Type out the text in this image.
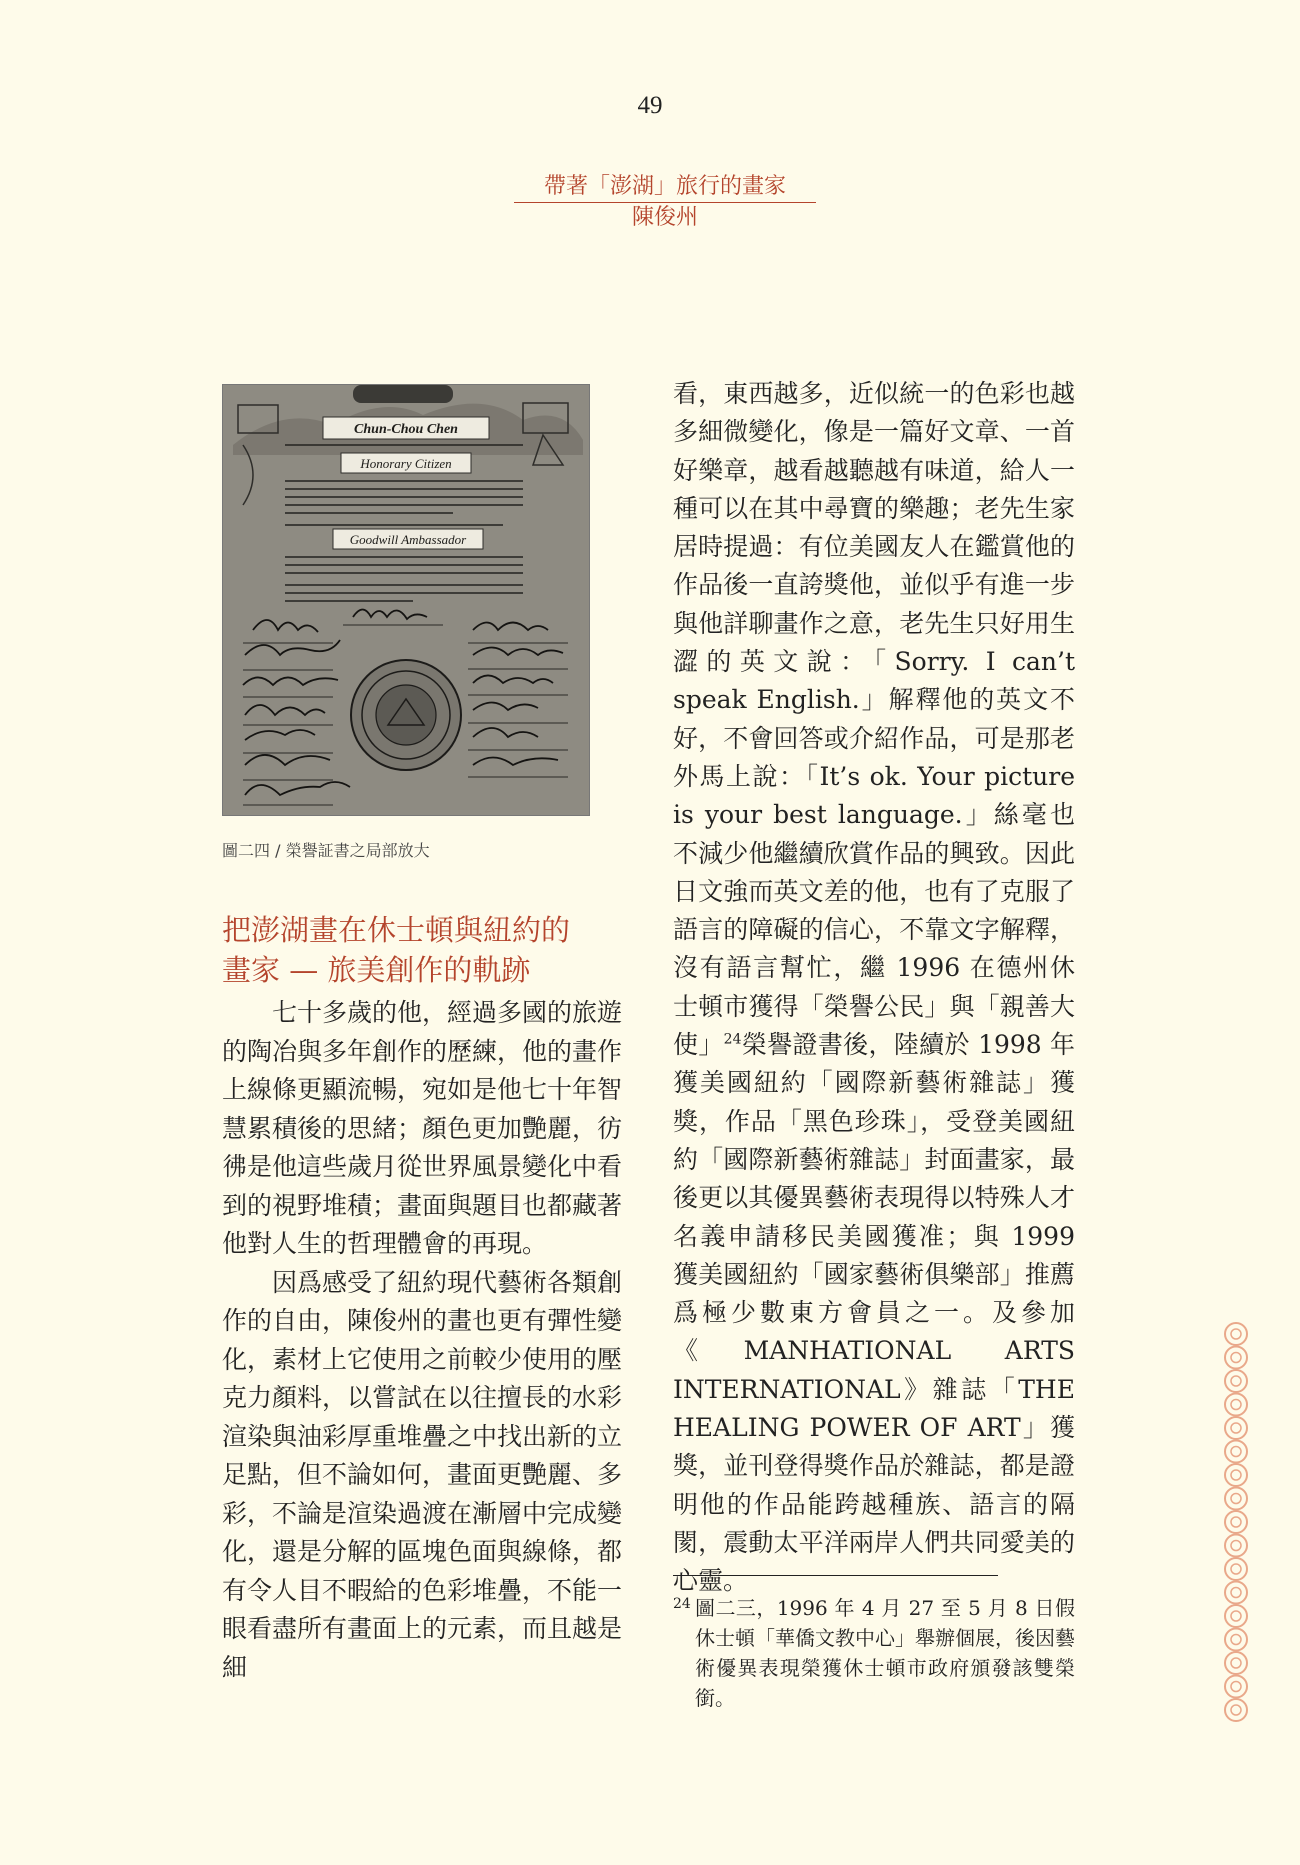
49
帶著「澎湖」旅行的畫家
陳俊州
Chun-Chou Chen
Honorary Citizen
Goodwill Ambassador
圖二四 / 榮譽証書之局部放大
把澎湖畫在休士頓與紐約的
畫家 — 旅美創作的軌跡

七十多歲的他，經過多國的旅遊的陶冶與多年創作的歷練，他的畫作上線條更顯流暢，宛如是他七十年智慧累積後的思緒；顏色更加艷麗，彷彿是他這些歲月從世界風景變化中看到的視野堆積；畫面與題目也都藏著他對人生的哲理體會的再現。

因爲感受了紐約現代藝術各類創作的自由，陳俊州的畫也更有彈性變化，素材上它使用之前較少使用的壓克力顏料，以嘗試在以往擅長的水彩渲染與油彩厚重堆疊之中找出新的立足點，但不論如何，畫面更艷麗、多彩，不論是渲染過渡在漸層中完成變化，還是分解的區塊色面與線條，都有令人目不暇給的色彩堆疊，不能一眼看盡所有畫面上的元素，而且越是細

看，東西越多，近似統一的色彩也越多細微變化，像是一篇好文章、一首好樂章，越看越聽越有味道，給人一種可以在其中尋寶的樂趣；老先生家居時提過：有位美國友人在鑑賞他的作品後一直誇獎他，並似乎有進一步與他詳聊畫作之意，老先生只好用生澀的英文說：「Sorry. I can’t speak English.」解釋他的英文不好，不會回答或介紹作品，可是那老外馬上說：「It’s ok. Your picture is your best language.」絲毫也不減少他繼續欣賞作品的興致。因此日文強而英文差的他，也有了克服了語言的障礙的信心，不靠文字解釋，沒有語言幫忙，繼 1996 在德州休士頓市獲得「榮譽公民」與「親善大使」$^{24}$榮譽證書後，陸續於 1998 年獲美國紐約「國際新藝術雜誌」獲獎，作品「黑色珍珠」，受登美國紐約「國際新藝術雜誌」封面畫家，最後更以其優異藝術表現得以特殊人才名義申請移民美國獲准；與 1999 獲美國紐約「國家藝術俱樂部」推薦爲極少數東方會員之一。及參加《MANHATIONAL ARTS INTERNATIONAL》雜誌「THE HEALING POWER OF ART」獲獎，並刊登得獎作品於雜誌，都是證明他的作品能跨越種族、語言的隔閡，震動太平洋兩岸人們共同愛美的心靈。

24 圖二三，1996 年 4 月 27 至 5 月 8 日假休士頓「華僑文教中心」舉辦個展，後因藝術優異表現榮獲休士頓市政府頒發該雙榮銜。
